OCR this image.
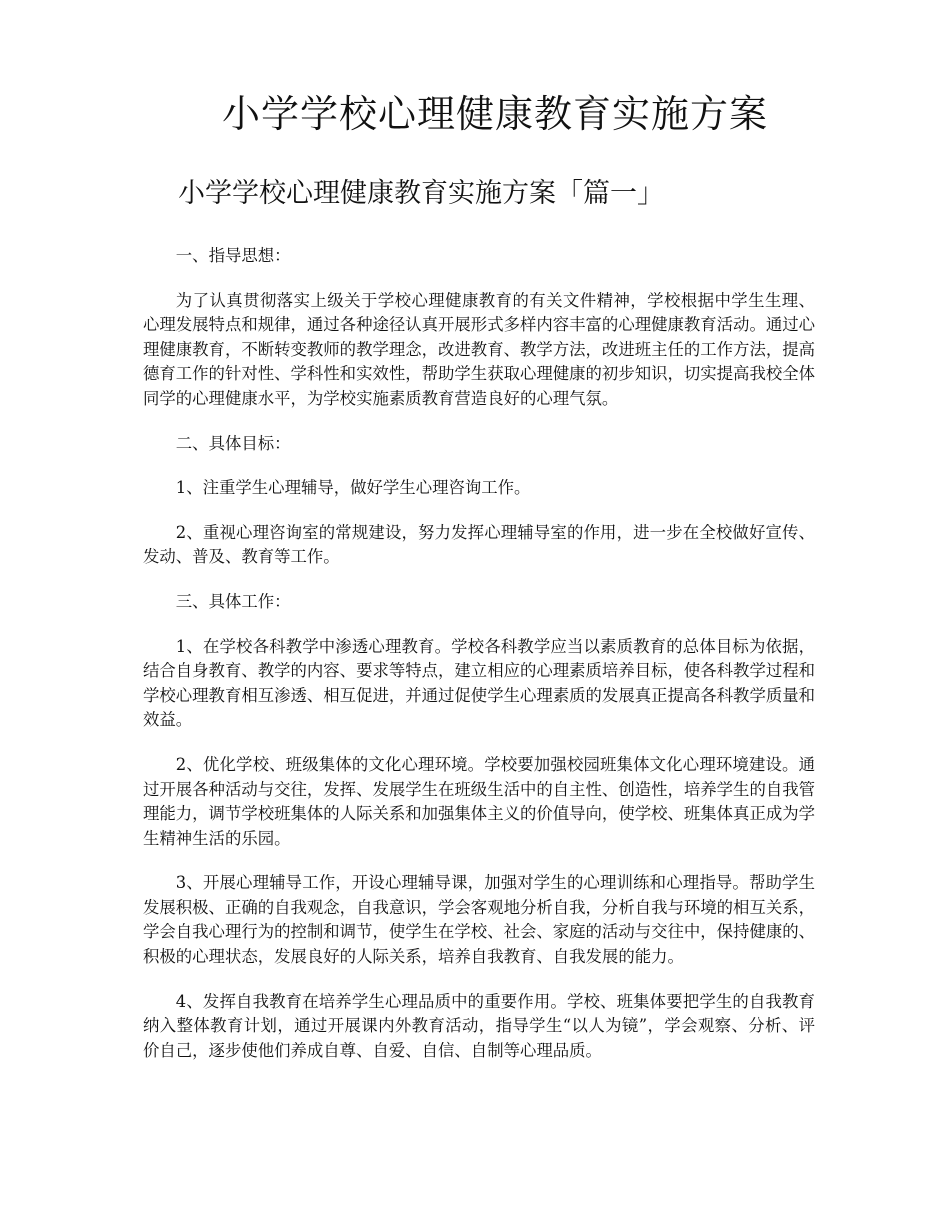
小学学校心理健康教育实施方案
小学学校心理健康教育实施方案「篇一」

一、指导思想：

为了认真贯彻落实上级关于学校心理健康教育的有关文件精神，学校根据中学生生理、心理发展特点和规律，通过各种途径认真开展形式多样内容丰富的心理健康教育活动。通过心理健康教育，不断转变教师的教学理念，改进教育、教学方法，改进班主任的工作方法，提高德育工作的针对性、学科性和实效性，帮助学生获取心理健康的初步知识，切实提高我校全体同学的心理健康水平，为学校实施素质教育营造良好的心理气氛。

二、具体目标：

1、注重学生心理辅导，做好学生心理咨询工作。

2、重视心理咨询室的常规建设，努力发挥心理辅导室的作用，进一步在全校做好宣传、发动、普及、教育等工作。

三、具体工作：

1、在学校各科教学中渗透心理教育。学校各科教学应当以素质教育的总体目标为依据，结合自身教育、教学的内容、要求等特点，建立相应的心理素质培养目标，使各科教学过程和学校心理教育相互渗透、相互促进，并通过促使学生心理素质的发展真正提高各科教学质量和效益。

2、优化学校、班级集体的文化心理环境。学校要加强校园班集体文化心理环境建设。通过开展各种活动与交往，发挥、发展学生在班级生活中的自主性、创造性，培养学生的自我管理能力，调节学校班集体的人际关系和加强集体主义的价值导向，使学校、班集体真正成为学生精神生活的乐园。

3、开展心理辅导工作，开设心理辅导课，加强对学生的心理训练和心理指导。帮助学生发展积极、正确的自我观念，自我意识，学会客观地分析自我，分析自我与环境的相互关系，学会自我心理行为的控制和调节，使学生在学校、社会、家庭的活动与交往中，保持健康的、积极的心理状态，发展良好的人际关系，培养自我教育、自我发展的能力。

4、发挥自我教育在培养学生心理品质中的重要作用。学校、班集体要把学生的自我教育纳入整体教育计划，通过开展课内外教育活动，指导学生“以人为镜”，学会观察、分析、评价自己，逐步使他们养成自尊、自爱、自信、自制等心理品质。
